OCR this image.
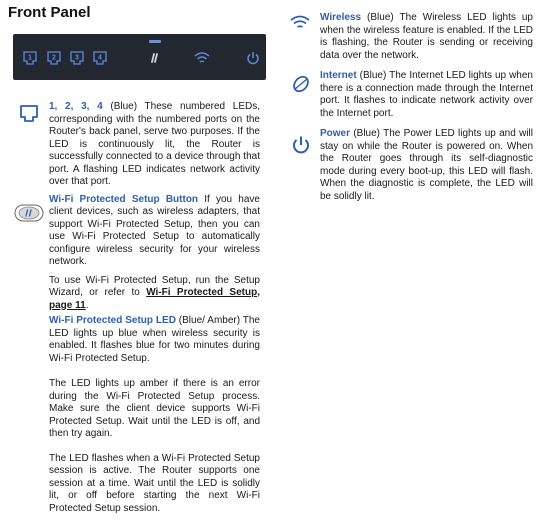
Front Panel
1	2	3	4

1, 2, 3, 4 (Blue) These numbered LEDs, corresponding with the numbered ports on the Router's back panel, serve two purposes. If the LED is continuously lit, the Router is successfully connected to a device through that port. A flashing LED indicates network activity over that port.

Wi-Fi Protected Setup Button If you have client devices, such as wireless adapters, that support Wi-Fi Protected Setup, then you can use Wi-Fi Protected Setup to automatically configure wireless security for your wireless network.

To use Wi-Fi Protected Setup, run the Setup Wizard, or refer to Wi-Fi Protected Setup, page 11.

Wi-Fi Protected Setup LED (Blue/ Amber) The LED lights up blue when wireless security is enabled. It flashes blue for two minutes during Wi-Fi Protected Setup.

The LED lights up amber if there is an error during the Wi-Fi Protected Setup process. Make sure the client device supports Wi-Fi Protected Setup. Wait until the LED is off, and then try again.

The LED flashes when a Wi-Fi Protected Setup session is active. The Router supports one session at a time. Wait until the LED is solidly lit, or off before starting the next Wi-Fi Protected Setup session.

Wireless (Blue) The Wireless LED lights up when the wireless feature is enabled. If the LED is flashing, the Router is sending or receiving data over the network.

Internet (Blue) The Internet LED lights up when there is a connection made through the Internet port. It flashes to indicate network activity over the Internet port.

Power (Blue) The Power LED lights up and will stay on while the Router is powered on. When the Router goes through its self-diagnostic mode during every boot-up, this LED will flash. When the diagnostic is complete, the LED will be solidly lit.
